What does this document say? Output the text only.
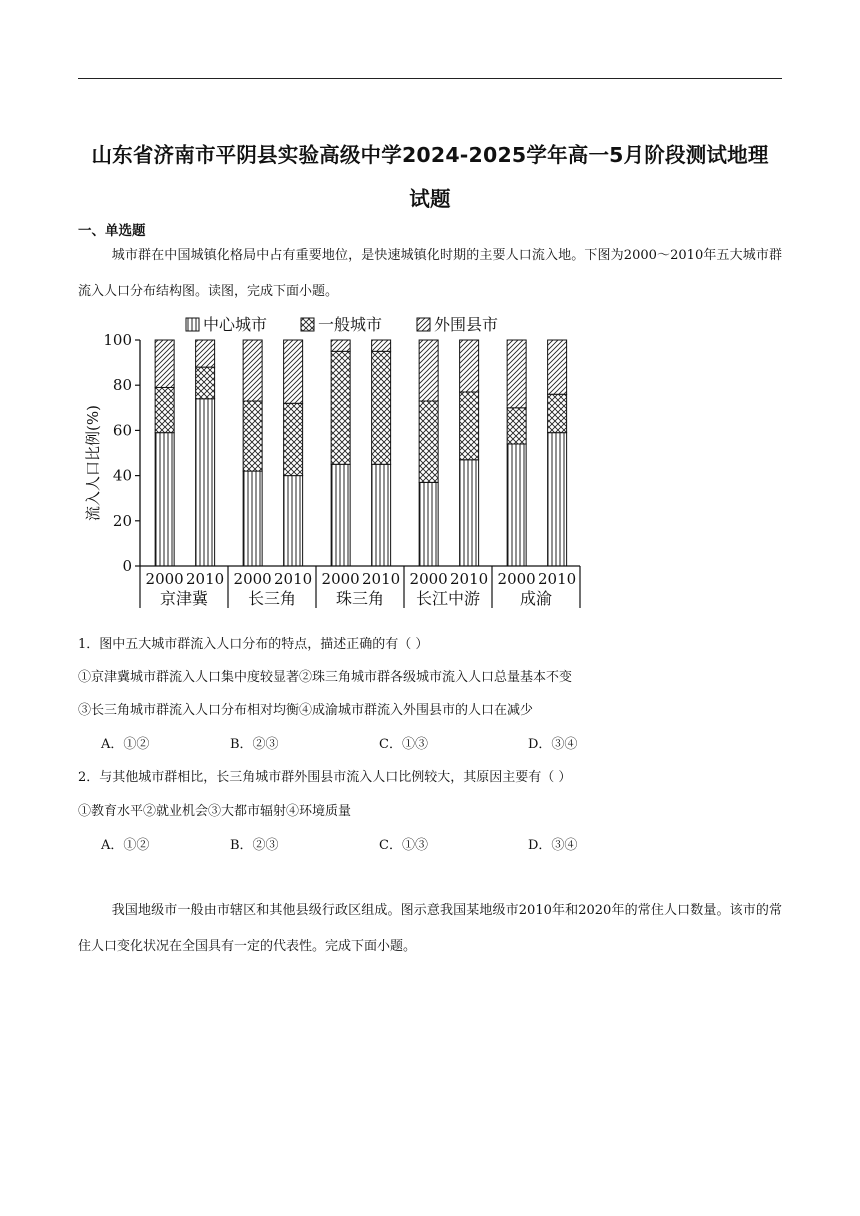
山东省济南市平阴县实验高级中学2024-2025学年高一5月阶段测试地理
试题
一、单选题
城市群在中国城镇化格局中占有重要地位，是快速城镇化时期的主要人口流入地。下图为2000～2010年五大城市群流入人口分布结构图。读图，完成下面小题。
中心城市	一般城市	外围县市
0
20
40
60
80
100
流入人口比例(%)
2000 2010 2000 2010 2000 2010 2000 2010 2000 2010
京津冀 长三角 珠三角 长江中游 成渝
1．图中五大城市群流入人口分布的特点，描述正确的有（ ）
①京津冀城市群流入人口集中度较显著②珠三角城市群各级城市流入人口总量基本不变
③长三角城市群流入人口分布相对均衡④成渝城市群流入外围县市的人口在减少
A．①②	B．②③	C．①③	D．③④
2．与其他城市群相比，长三角城市群外围县市流入人口比例较大，其原因主要有（ ）
①教育水平②就业机会③大都市辐射④环境质量
A．①②	B．②③	C．①③	D．③④
我国地级市一般由市辖区和其他县级行政区组成。图示意我国某地级市2010年和2020年的常住人口数量。该市的常住人口变化状况在全国具有一定的代表性。完成下面小题。
